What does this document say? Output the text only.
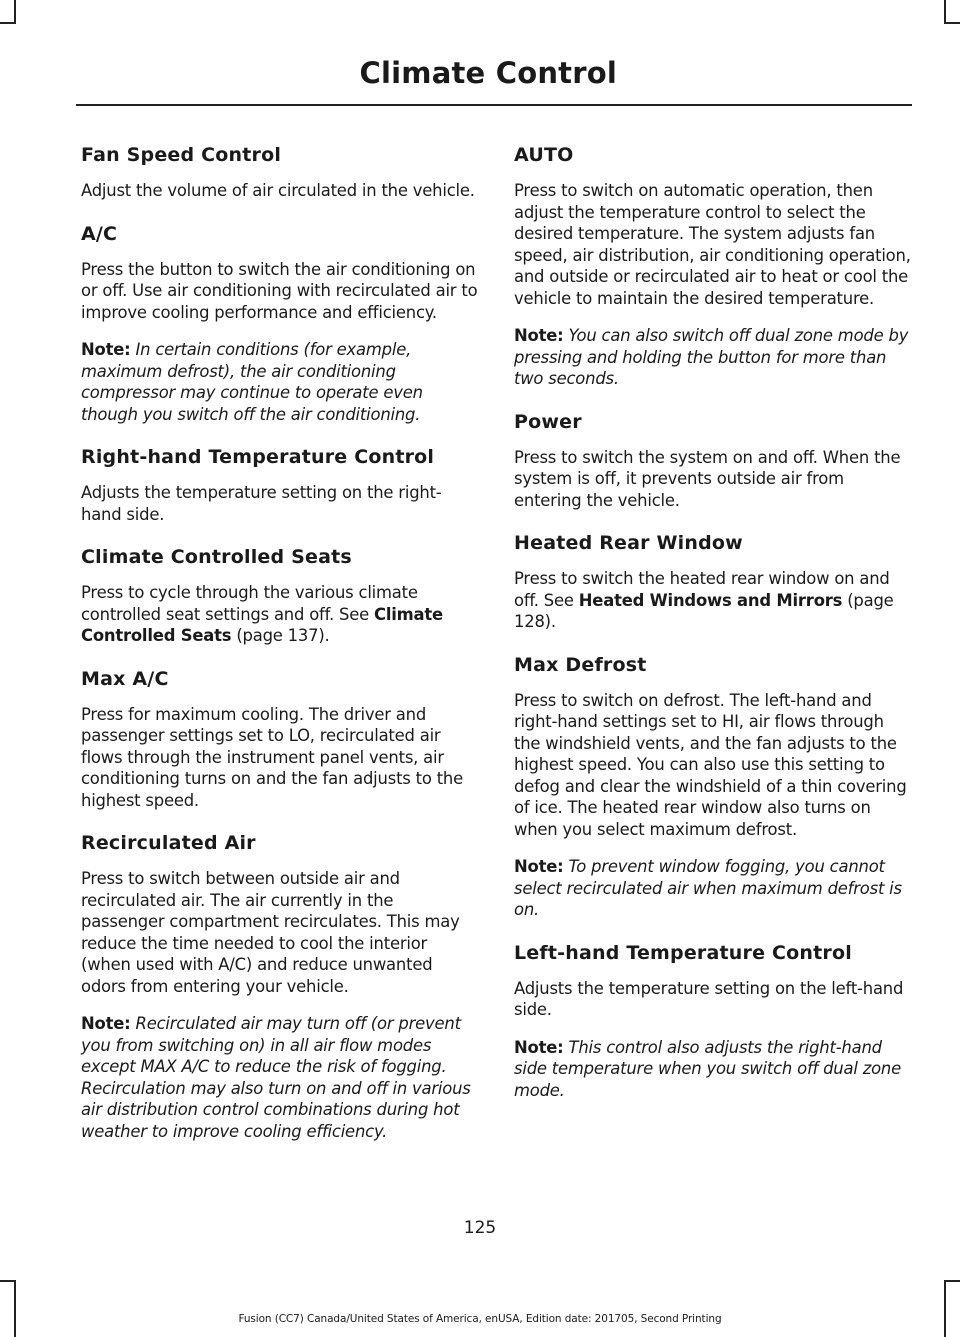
Climate Control
Fan Speed Control

Adjust the volume of air circulated in the vehicle.

A/C

Press the button to switch the air conditioning on or off. Use air conditioning with recirculated air to improve cooling performance and efficiency.

Note: In certain conditions (for example, maximum defrost), the air conditioning compressor may continue to operate even though you switch off the air conditioning.

Right-hand Temperature Control

Adjusts the temperature setting on the right-hand side.

Climate Controlled Seats

Press to cycle through the various climate controlled seat settings and off. See Climate Controlled Seats (page 137).

Max A/C

Press for maximum cooling. The driver and passenger settings set to LO, recirculated air flows through the instrument panel vents, air conditioning turns on and the fan adjusts to the highest speed.

Recirculated Air

Press to switch between outside air and recirculated air. The air currently in the passenger compartment recirculates. This may reduce the time needed to cool the interior (when used with A/C) and reduce unwanted odors from entering your vehicle.

Note: Recirculated air may turn off (or prevent you from switching on) in all air flow modes except MAX A/C to reduce the risk of fogging. Recirculation may also turn on and off in various air distribution control combinations during hot weather to improve cooling efficiency.

AUTO

Press to switch on automatic operation, then adjust the temperature control to select the desired temperature. The system adjusts fan speed, air distribution, air conditioning operation, and outside or recirculated air to heat or cool the vehicle to maintain the desired temperature.

Note: You can also switch off dual zone mode by pressing and holding the button for more than two seconds.

Power

Press to switch the system on and off. When the system is off, it prevents outside air from entering the vehicle.

Heated Rear Window

Press to switch the heated rear window on and off. See Heated Windows and Mirrors (page 128).

Max Defrost

Press to switch on defrost. The left-hand and right-hand settings set to HI, air flows through the windshield vents, and the fan adjusts to the highest speed. You can also use this setting to defog and clear the windshield of a thin covering of ice. The heated rear window also turns on when you select maximum defrost.

Note: To prevent window fogging, you cannot select recirculated air when maximum defrost is on.

Left-hand Temperature Control

Adjusts the temperature setting on the left-hand side.

Note: This control also adjusts the right-hand side temperature when you switch off dual zone mode.

125
Fusion (CC7) Canada/United States of America, enUSA, Edition date: 201705, Second Printing
